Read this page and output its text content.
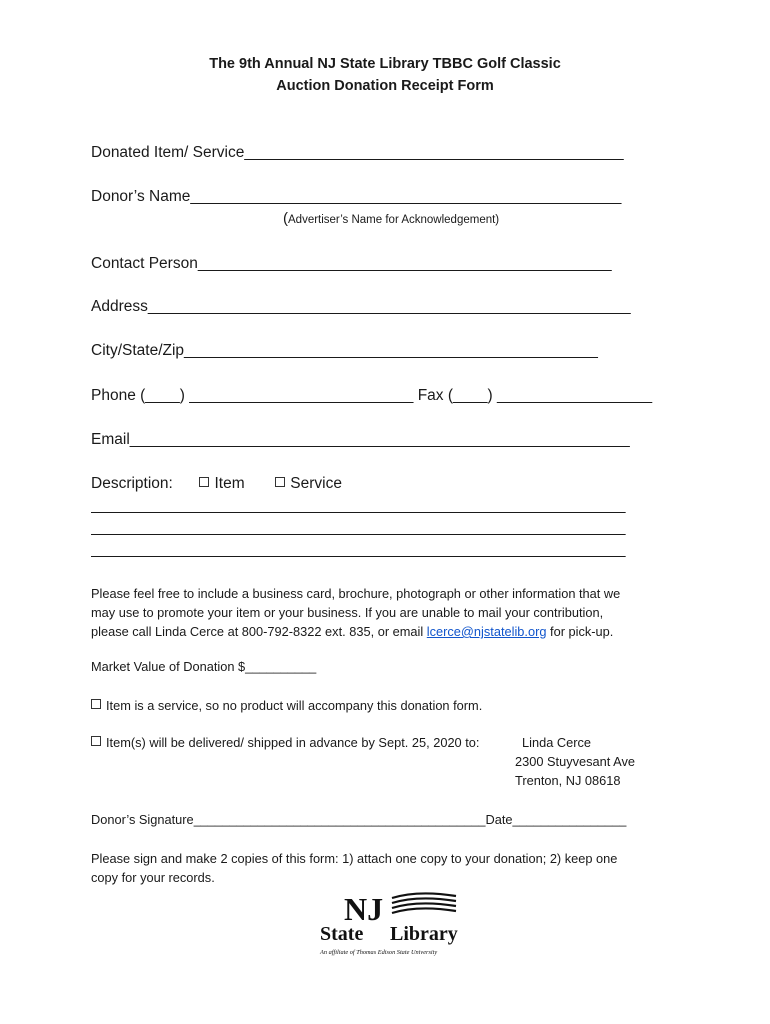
The 9th Annual NJ State Library TBBC Golf Classic
Auction Donation Receipt Form
Donated Item/ Service____________________________________________
Donor’s Name__________________________________________________
(Advertiser’s Name for Acknowledgement)
Contact Person________________________________________________
Address________________________________________________________
City/State/Zip________________________________________________
Phone (____) __________________________ Fax (____) __________________
Email__________________________________________________________
Description:	Item	Service
______________________________________________________________
______________________________________________________________
______________________________________________________________
Please feel free to include a business card, brochure, photograph or other information that we
may use to promote your item or your business. If you are unable to mail your contribution,
please call Linda Cerce at 800-792-8322 ext. 835, or email lcerce@njstatelib.org for pick-up.
Market Value of Donation $__________
Item is a service, so no product will accompany this donation form.
Item(s) will be delivered/ shipped in advance by Sept. 25, 2020 to:	Linda Cerce
2300 Stuyvesant Ave
Trenton, NJ 08618
Donor’s Signature_________________________________________Date________________
Please sign and make 2 copies of this form: 1) attach one copy to your donation; 2) keep one
copy for your records.
NJ
State Library
An affiliate of Thomas Edison State University
